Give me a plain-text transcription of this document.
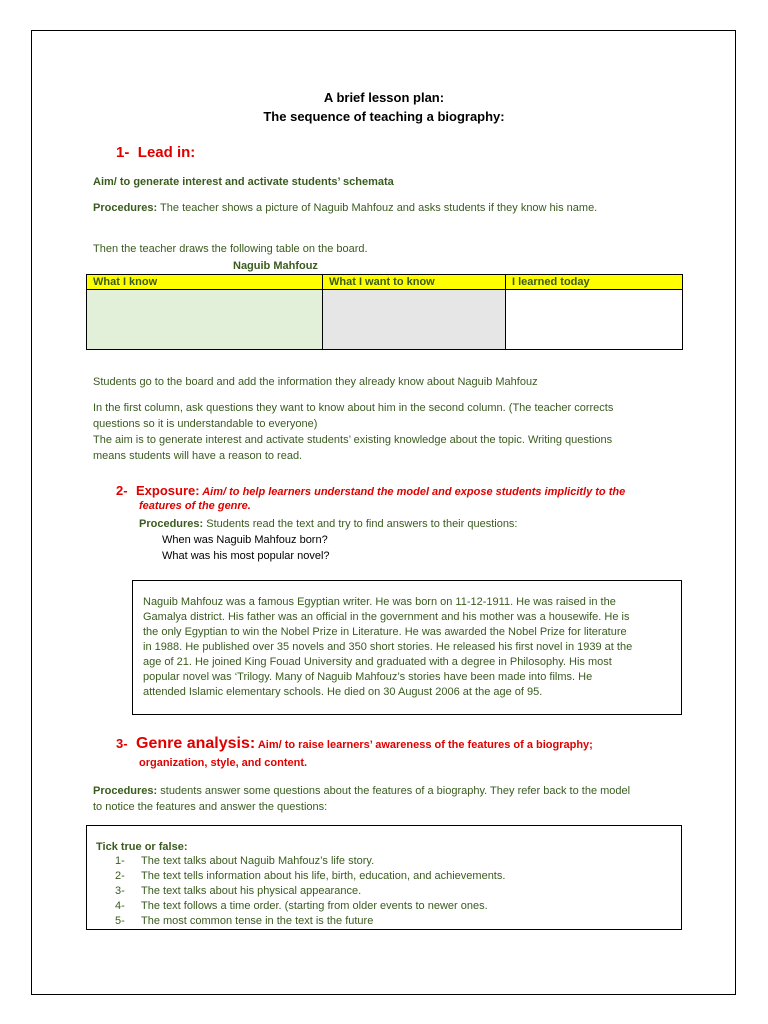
A brief lesson plan:
The sequence of teaching a biography:
1- Lead in:
Aim/ to generate interest and activate students’ schemata
Procedures: The teacher shows a picture of Naguib Mahfouz and asks students if they know his name.
Then the teacher draws the following table on the board.
Naguib Mahfouz
What I know	What I want to know	I learned today

Students go to the board and add the information they already know about Naguib Mahfouz
In the first column, ask questions they want to know about him in the second column. (The teacher corrects
questions so it is understandable to everyone)
The aim is to generate interest and activate students’ existing knowledge about the topic. Writing questions
means students will have a reason to read.
2- Exposure: Aim/ to help learners understand the model and expose students implicitly to the
features of the genre.
Procedures: Students read the text and try to find answers to their questions:
When was Naguib Mahfouz born?
What was his most popular novel?
Naguib Mahfouz was a famous Egyptian writer. He was born on 11-12-1911. He was raised in the
Gamalya district. His father was an official in the government and his mother was a housewife. He is
the only Egyptian to win the Nobel Prize in Literature. He was awarded the Nobel Prize for literature
in 1988. He published over 35 novels and 350 short stories. He released his first novel in 1939 at the
age of 21. He joined King Fouad University and graduated with a degree in Philosophy. His most
popular novel was ‘Trilogy. Many of Naguib Mahfouz’s stories have been made into films. He
attended Islamic elementary schools. He died on 30 August 2006 at the age of 95.
3- Genre analysis: Aim/ to raise learners’ awareness of the features of a biography;
organization, style, and content.
Procedures: students answer some questions about the features of a biography. They refer back to the model
to notice the features and answer the questions:
Tick true or false:
1- The text talks about Naguib Mahfouz’s life story.
2- The text tells information about his life, birth, education, and achievements.
3- The text talks about his physical appearance.
4- The text follows a time order. (starting from older events to newer ones.
5- The most common tense in the text is the future
